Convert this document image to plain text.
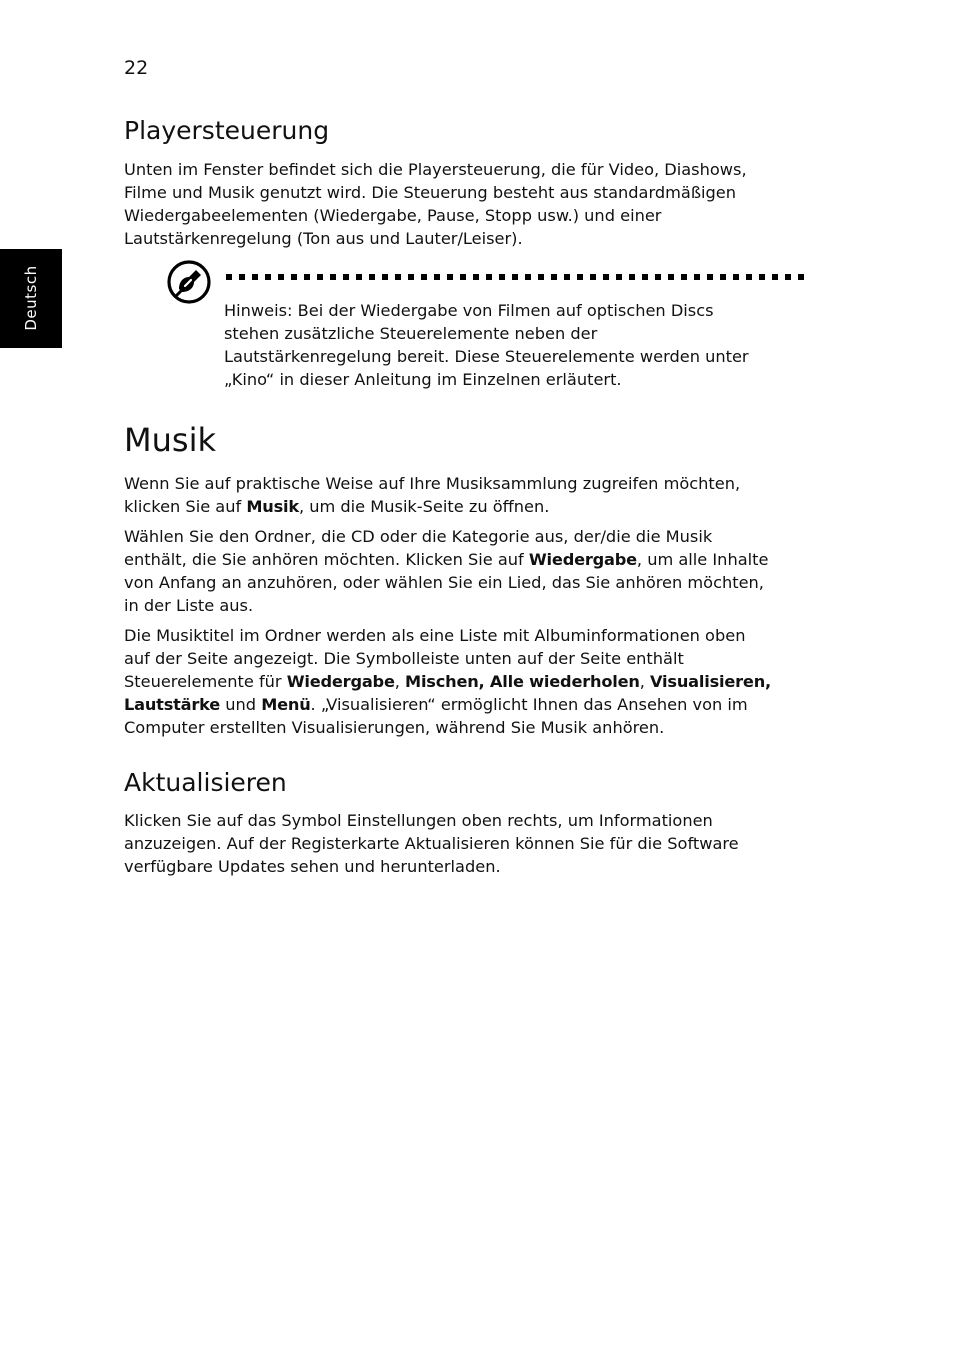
22
Deutsch
Playersteuerung

Unten im Fenster befindet sich die Playersteuerung, die für Video, Diashows,
Filme und Musik genutzt wird. Die Steuerung besteht aus standardmäßigen
Wiedergabeelementen (Wiedergabe, Pause, Stopp usw.) und einer
Lautstärkenregelung (Ton aus und Lauter/Leiser).

Musik

Wenn Sie auf praktische Weise auf Ihre Musiksammlung zugreifen möchten,
klicken Sie auf Musik, um die Musik-Seite zu öffnen.

Wählen Sie den Ordner, die CD oder die Kategorie aus, der/die die Musik
enthält, die Sie anhören möchten. Klicken Sie auf Wiedergabe, um alle Inhalte
von Anfang an anzuhören, oder wählen Sie ein Lied, das Sie anhören möchten,
in der Liste aus.

Die Musiktitel im Ordner werden als eine Liste mit Albuminformationen oben
auf der Seite angezeigt. Die Symbolleiste unten auf der Seite enthält
Steuerelemente für Wiedergabe, Mischen, Alle wiederholen, Visualisieren,
Lautstärke und Menü. „Visualisieren“ ermöglicht Ihnen das Ansehen von im
Computer erstellten Visualisierungen, während Sie Musik anhören.

Aktualisieren

Klicken Sie auf das Symbol Einstellungen oben rechts, um Informationen
anzuzeigen. Auf der Registerkarte Aktualisieren können Sie für die Software
verfügbare Updates sehen und herunterladen.

Hinweis: Bei der Wiedergabe von Filmen auf optischen Discs
stehen zusätzliche Steuerelemente neben der
Lautstärkenregelung bereit. Diese Steuerelemente werden unter
„Kino“ in dieser Anleitung im Einzelnen erläutert.
